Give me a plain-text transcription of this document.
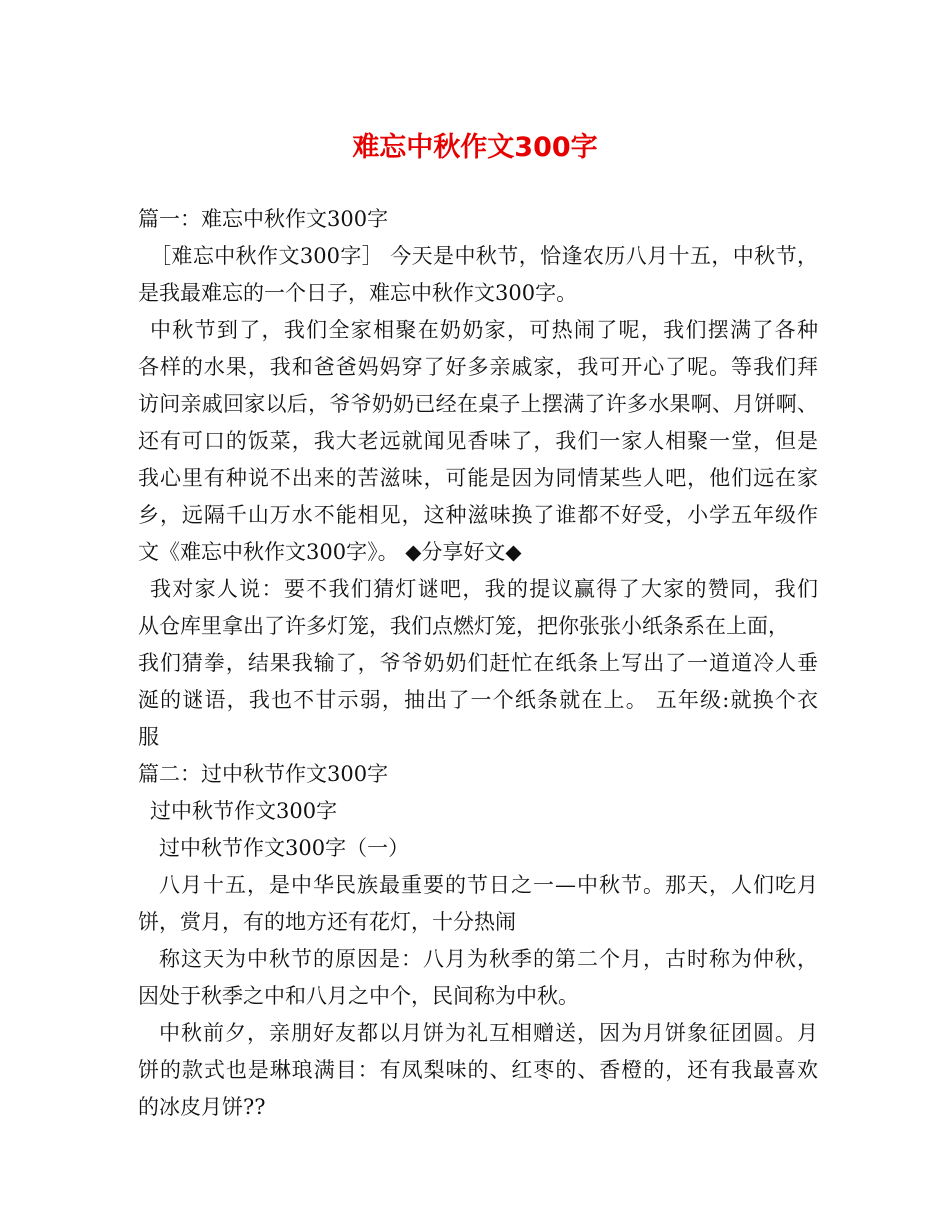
难忘中秋作文300字
篇一：难忘中秋作文300字
［难忘中秋作文300字］ 今天是中秋节，恰逢农历八月十五，中秋节，
是我最难忘的一个日子，难忘中秋作文300字。
中秋节到了，我们全家相聚在奶奶家，可热闹了呢，我们摆满了各种
各样的水果，我和爸爸妈妈穿了好多亲戚家，我可开心了呢。等我们拜
访问亲戚回家以后，爷爷奶奶已经在桌子上摆满了许多水果啊、月饼啊、
还有可口的饭菜，我大老远就闻见香味了，我们一家人相聚一堂，但是
我心里有种说不出来的苦滋味，可能是因为同情某些人吧，他们远在家
乡，远隔千山万水不能相见，这种滋味换了谁都不好受，小学五年级作
文《难忘中秋作文300字》。 ◆分享好文◆
我对家人说：要不我们猜灯谜吧，我的提议赢得了大家的赞同，我们
从仓库里拿出了许多灯笼，我们点燃灯笼，把你张张小纸条系在上面，
我们猜拳，结果我输了，爷爷奶奶们赶忙在纸条上写出了一道道冷人垂
涎的谜语，我也不甘示弱，抽出了一个纸条就在上。 五年级:就换个衣
服
篇二：过中秋节作文300字
过中秋节作文300字
过中秋节作文300字（一）
八月十五，是中华民族最重要的节日之一—中秋节。那天，人们吃月
饼，赏月，有的地方还有花灯，十分热闹
称这天为中秋节的原因是：八月为秋季的第二个月，古时称为仲秋，
因处于秋季之中和八月之中个，民间称为中秋。
中秋前夕，亲朋好友都以月饼为礼互相赠送，因为月饼象征团圆。月
饼的款式也是琳琅满目：有凤梨味的、红枣的、香橙的，还有我最喜欢
的冰皮月饼??
